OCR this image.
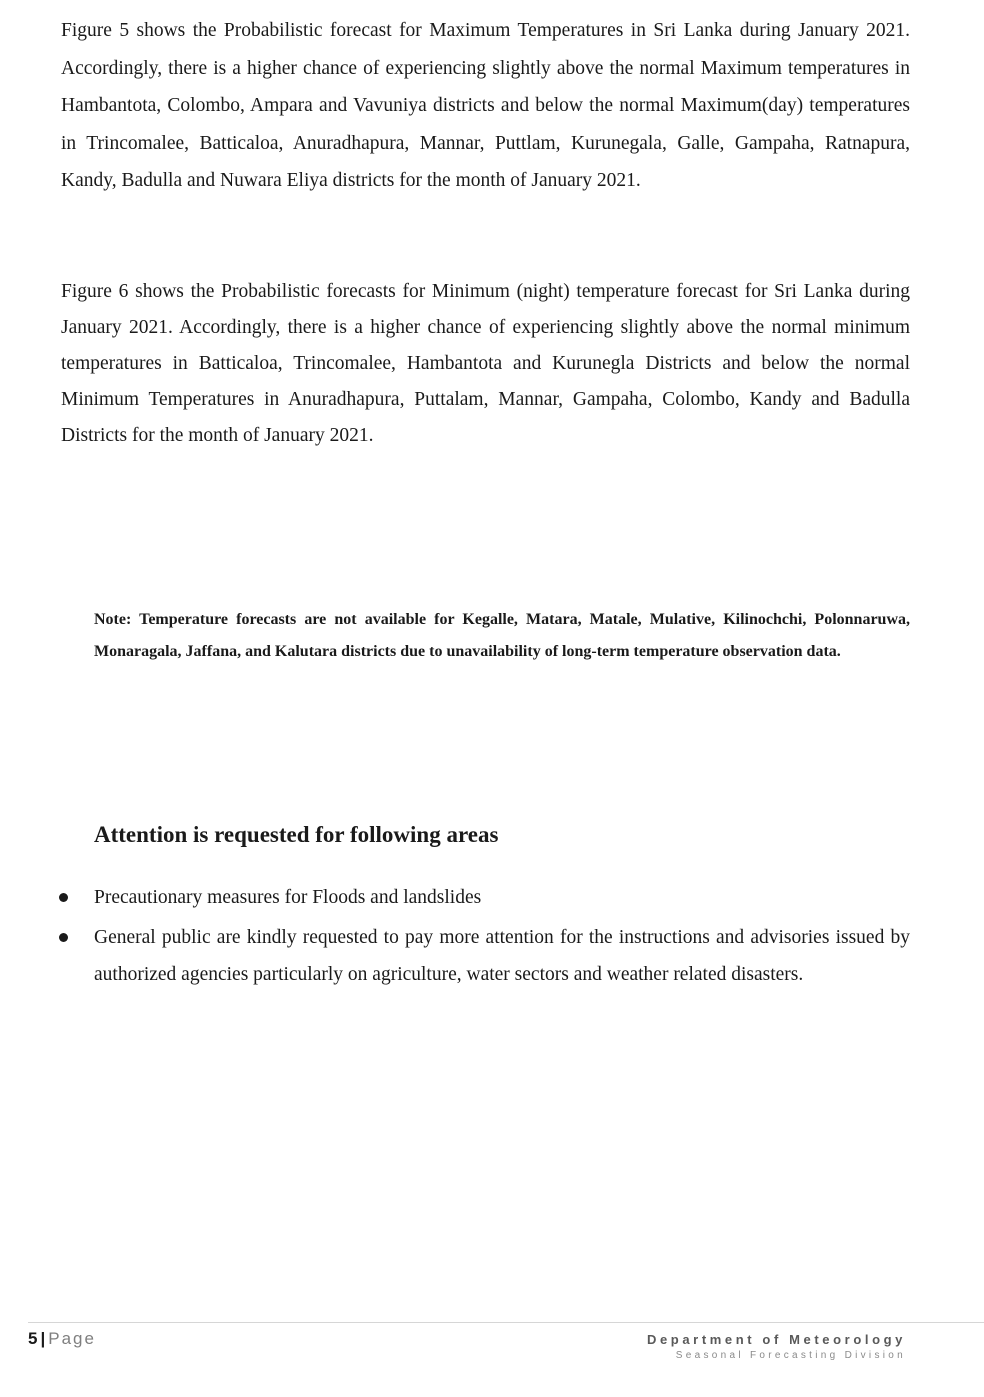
Figure 5 shows the Probabilistic forecast for Maximum Temperatures in Sri Lanka during January 2021. Accordingly, there is a higher chance of experiencing slightly above the normal Maximum temperatures in Hambantota, Colombo, Ampara and Vavuniya districts and below the normal Maximum(day) temperatures in Trincomalee, Batticaloa, Anuradhapura, Mannar, Puttlam, Kurunegala, Galle, Gampaha, Ratnapura, Kandy, Badulla and Nuwara Eliya districts for the month of January 2021.

Figure 6 shows the Probabilistic forecasts for Minimum (night) temperature forecast for Sri Lanka during January 2021. Accordingly, there is a higher chance of experiencing slightly above the normal minimum temperatures in Batticaloa, Trincomalee, Hambantota and Kurunegla Districts and below the normal Minimum Temperatures in Anuradhapura, Puttalam, Mannar, Gampaha, Colombo, Kandy and Badulla Districts for the month of January 2021.

Note: Temperature forecasts are not available for Kegalle, Matara, Matale, Mulative, Kilinochchi, Polonnaruwa, Monaragala, Jaffana, and Kalutara districts due to unavailability of long-term temperature observation data.

Attention is requested for following areas
Precautionary measures for Floods and landslides
General public are kindly requested to pay more attention for the instructions and advisories issued by authorized agencies particularly on agriculture, water sectors and weather related disasters.
5 | Page	Department of Meteorology
Seasonal Forecasting Division
